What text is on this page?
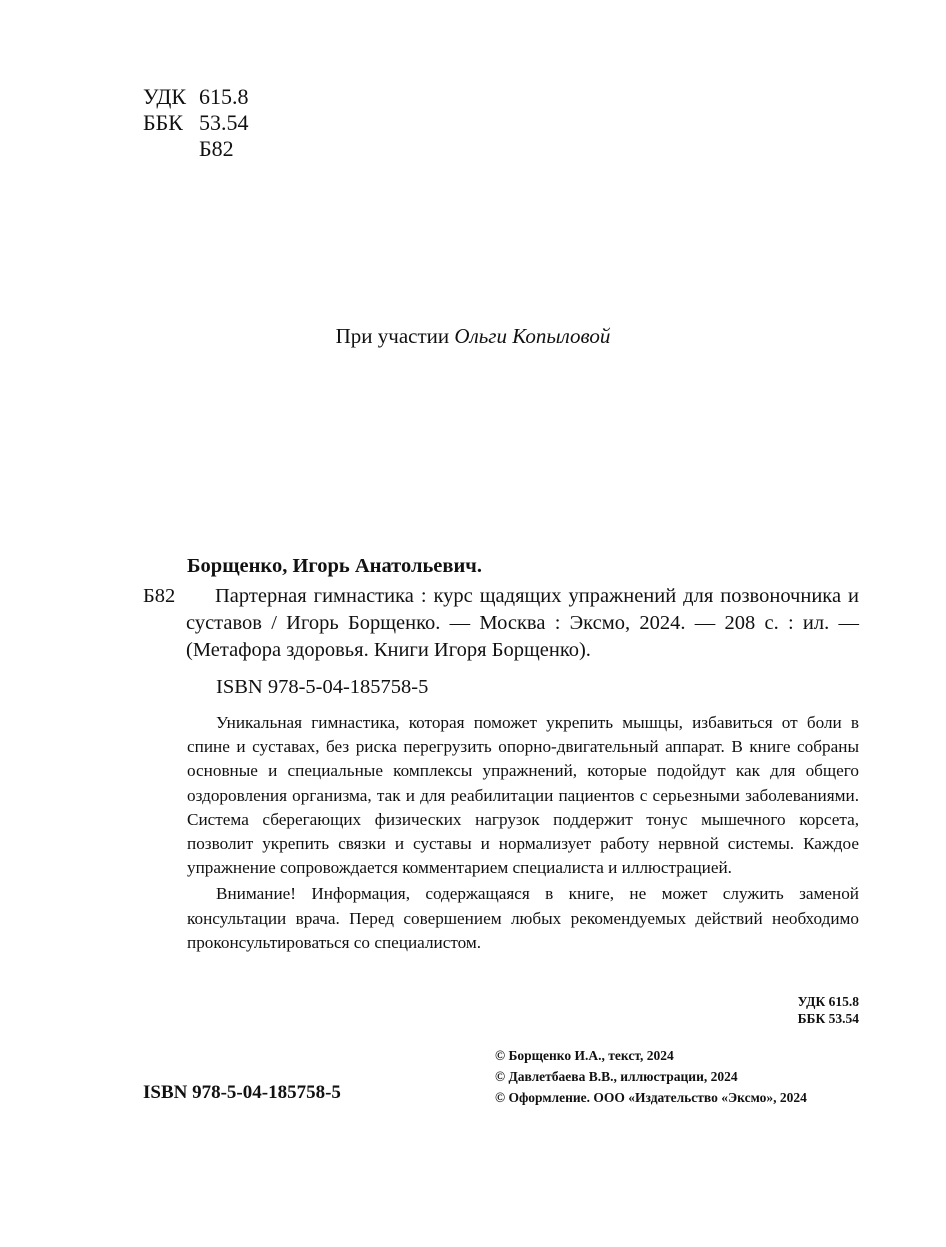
УДК 615.8
ББК 53.54
Б82
При участии Ольги Копыловой
Борщенко, Игорь Анатольевич.
Б82	Партерная гимнастика : курс щадящих упражнений для позвоночника и суставов / Игорь Борщенко. — Москва : Эксмо, 2024. — 208 с. : ил. — (Метафора здоровья. Книги Игоря Борщенко).
ISBN 978-5-04-185758-5

Уникальная гимнастика, которая поможет укрепить мышцы, избавиться от боли в спине и суставах, без риска перегрузить опорно-двигательный аппарат. В книге собраны основные и специальные комплексы упражнений, которые подойдут как для общего оздоровления организма, так и для реабилитации пациентов с серьезными заболеваниями. Система сберегающих физических нагрузок поддержит тонус мышечного корсета, позволит укрепить связки и суставы и нормализует работу нервной системы. Каждое упражнение сопровождается комментарием специалиста и иллюстрацией.

Внимание! Информация, содержащаяся в книге, не может служить заменой консультации врача. Перед совершением любых рекомендуемых действий необходимо проконсультироваться со специалистом.

УДК 615.8
ББК 53.54
ISBN 978-5-04-185758-5
© Борщенко И.А., текст, 2024
© Давлетбаева В.В., иллюстрации, 2024
© Оформление. ООО «Издательство «Эксмо», 2024
